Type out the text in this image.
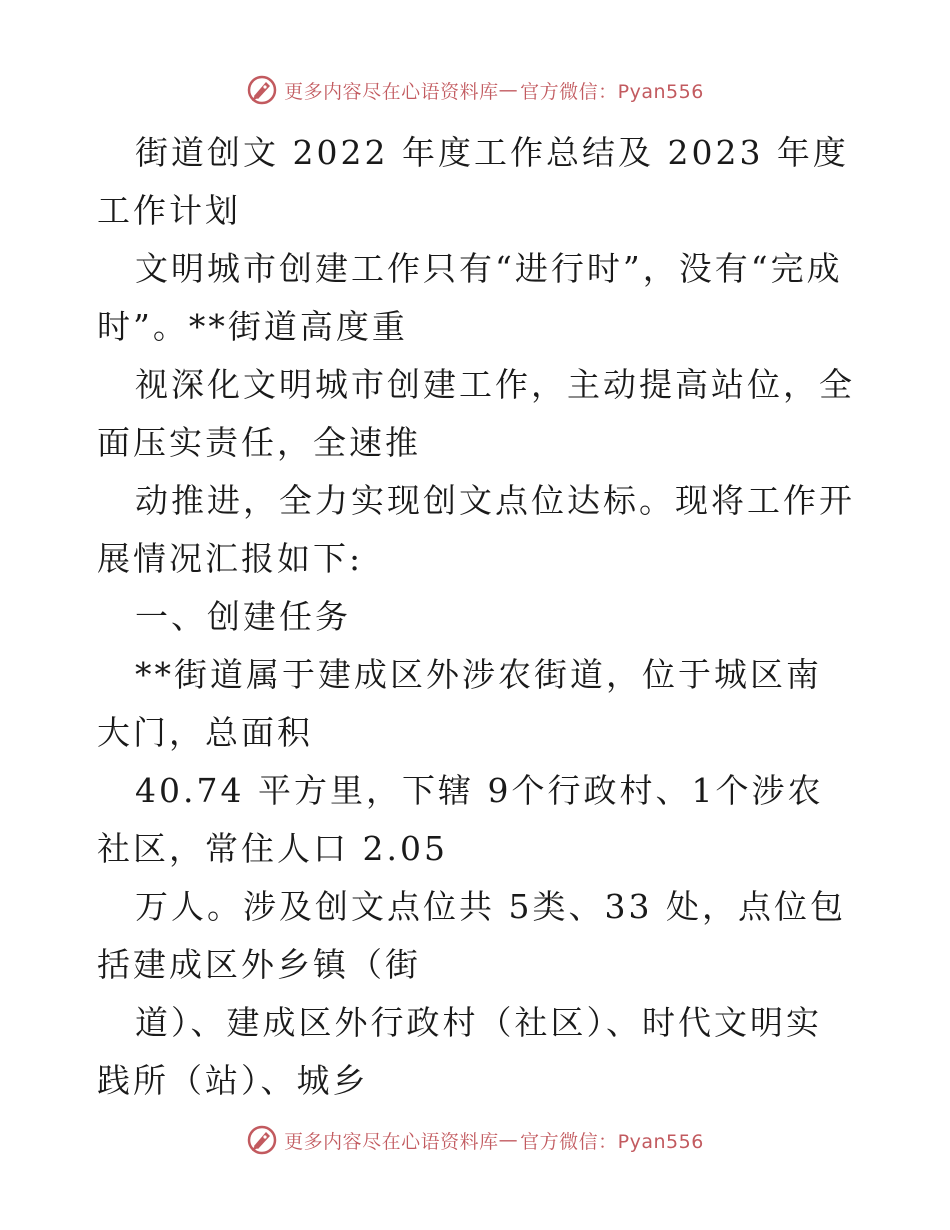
更多内容尽在心语资料库 — 官方微信：Pyan556

街道创文 2022 年度工作总结及 2023 年度工作计划

文明城市创建工作只有“进行时”，没有“完成时”。**街道高度重

视深化文明城市创建工作，主动提高站位，全面压实责任，全速推

动推进，全力实现创文点位达标。现将工作开展情况汇报如下:

一、创建任务

**街道属于建成区外涉农街道，位于城区南大门，总面积

40.74 平方里，下辖 9个行政村、1个涉农社区，常住人口 2.05

万人。涉及创文点位共 5类、33 处，点位包括建成区外乡镇（街

道）、建成区外行政村（社区）、时代文明实践所（站）、城乡

更多内容尽在心语资料库 — 官方微信：Pyan556
